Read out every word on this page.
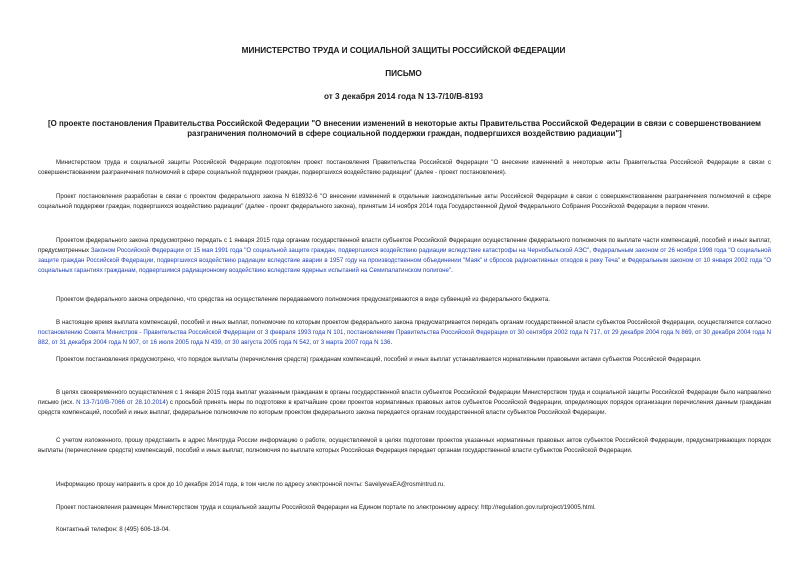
МИНИСТЕРСТВО ТРУДА И СОЦИАЛЬНОЙ ЗАЩИТЫ РОССИЙСКОЙ ФЕДЕРАЦИИ
ПИСЬМО
от 3 декабря 2014 года N 13-7/10/В-8193
[О проекте постановления Правительства Российской Федерации "О внесении изменений в некоторые акты Правительства Российской Федерации в связи с совершенствованием разграничения полномочий в сфере социальной поддержки граждан, подвергшихся воздействию радиации"]

Министерством труда и социальной защиты Российской Федерации подготовлен проект постановления Правительства Российской Федерации "О внесении изменений в некоторые акты Правительства Российской Федерации в связи с совершенствованием разграничения полномочий в сфере социальной поддержки граждан, подвергшихся воздействию радиации" (далее - проект постановления).

Проект постановления разработан в связи с проектом федерального закона N 618932-6 "О внесении изменений в отдельные законодательные акты Российской Федерации в связи с совершенствованием разграничения полномочий в сфере социальной поддержки граждан, подвергшихся воздействию радиации" (далее - проект федерального закона), принятым 14 ноября 2014 года Государственной Думой Федерального Собрания Российской Федерации в первом чтении.

Проектом федерального закона предусмотрено передать с 1 января 2015 года органам государственной власти субъектов Российской Федерации осуществление федерального полномочия по выплате части компенсаций, пособий и иных выплат, предусмотренных Законом Российской Федерации от 15 мая 1991 года "О социальной защите граждан, подвергшихся воздействию радиации вследствие катастрофы на Чернобыльской АЭС", Федеральным законом от 26 ноября 1998 года "О социальной защите граждан Российской Федерации, подвергшихся воздействию радиации вследствие аварии в 1957 году на производственном объединении "Маяк" и сбросов радиоактивных отходов в реку Теча" и Федеральным законом от 10 января 2002 года "О социальных гарантиях гражданам, подвергшимся радиационному воздействию вследствие ядерных испытаний на Семипалатинском полигоне".

Проектом федерального закона определено, что средства на осуществление передаваемого полномочия предусматриваются в виде субвенций из федерального бюджета.

В настоящее время выплата компенсаций, пособий и иных выплат, полномочие по которым проектом федерального закона предусматривается передать органам государственной власти субъектов Российской Федерации, осуществляется согласно постановлению Совета Министров - Правительства Российской Федерации от 3 февраля 1993 года N 101, постановлениям Правительства Российской Федерации от 30 сентября 2002 года N 717, от 29 декабря 2004 года N 869, от 30 декабря 2004 года N 882, от 31 декабря 2004 года N 907, от 16 июля 2005 года N 439, от 30 августа 2005 года N 542, от 3 марта 2007 года N 136.

Проектом постановления предусмотрено, что порядок выплаты (перечисления средств) гражданам компенсаций, пособий и иных выплат устанавливается нормативными правовыми актами субъектов Российской Федерации.

В целях своевременного осуществления с 1 января 2015 года выплат указанным гражданам в органы государственной власти субъектов Российской Федерации Министерством труда и социальной защиты Российской Федерации было направлено письмо (исх. N 13-7/10/В-7066 от 28.10.2014) с просьбой принять меры по подготовке в кратчайшие сроки проектов нормативных правовых актов субъектов Российской Федерации, определяющих порядок организации перечисления данным гражданам средств компенсаций, пособий и иных выплат, федеральное полномочие по которым проектом федерального закона передается органам государственной власти субъектов Российской Федерации.

С учетом изложенного, прошу представить в адрес Минтруда России информацию о работе, осуществляемой в целях подготовки проектов указанных нормативных правовых актов субъектов Российской Федерации, предусматривающих порядок выплаты (перечисление средств) компенсаций, пособий и иных выплат, полномочия по выплате которых Российская Федерация передает органам государственной власти субъектов Российской Федерации.

Информацию прошу направить в срок до 10 декабря 2014 года, в том числе по адресу электронной почты: SavelyevaEA@rosmintrud.ru.

Проект постановления размещен Министерством труда и социальной защиты Российской Федерации на Едином портале по электронному адресу: http://regulation.gov.ru/project/19005.html.

Контактный телефон: 8 (495) 606-18-04.
